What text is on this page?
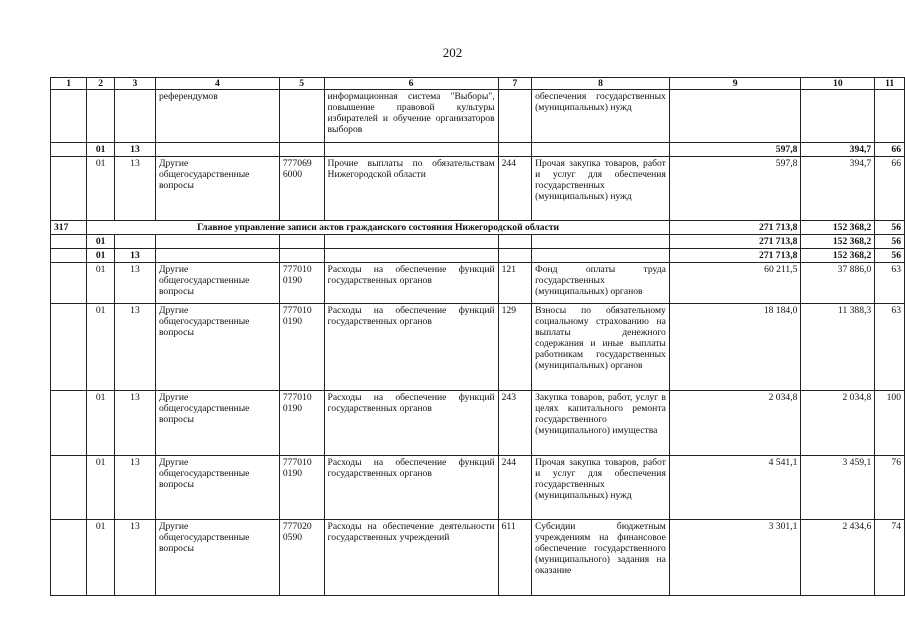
202
1	2	3	4	5	6	7	8	9	10	11
			референдумов		информационная система "Выборы", повышение правовой культуры избирателей и обучение организаторов выборов		обеспечения государственных (муниципальных) нужд			
	01	13						597,8	394,7	66
	01	13	Другие общегосударственные вопросы	777069 6000	Прочие выплаты по обязательствам Нижегородской области	244	Прочая закупка товаров, работ и услуг для обеспечения государственных (муниципальных) нужд	597,8	394,7	66
317	Главное управление записи актов гражданского состояния Нижегородской области							271 713,8	152 368,2	56
	01							271 713,8	152 368,2	56
	01	13						271 713,8	152 368,2	56
	01	13	Другие общегосударственные вопросы	777010 0190	Расходы на обеспечение функций государственных органов	121	Фонд оплаты труда государственных (муниципальных) органов	60 211,5	37 886,0	63
	01	13	Другие общегосударственные вопросы	777010 0190	Расходы на обеспечение функций государственных органов	129	Взносы по обязательному социальному страхованию на выплаты денежного содержания и иные выплаты работникам государственных (муниципальных) органов	18 184,0	11 388,3	63
	01	13	Другие общегосударственные вопросы	777010 0190	Расходы на обеспечение функций государственных органов	243	Закупка товаров, работ, услуг в целях капитального ремонта государственного (муниципального) имущества	2 034,8	2 034,8	100
	01	13	Другие общегосударственные вопросы	777010 0190	Расходы на обеспечение функций государственных органов	244	Прочая закупка товаров, работ и услуг для обеспечения государственных (муниципальных) нужд	4 541,1	3 459,1	76
	01	13	Другие общегосударственные вопросы	777020 0590	Расходы на обеспечение деятельности государственных учреждений	611	Субсидии бюджетным учреждениям на финансовое обеспечение государственного (муниципального) задания на оказание	3 301,1	2 434,6	74
